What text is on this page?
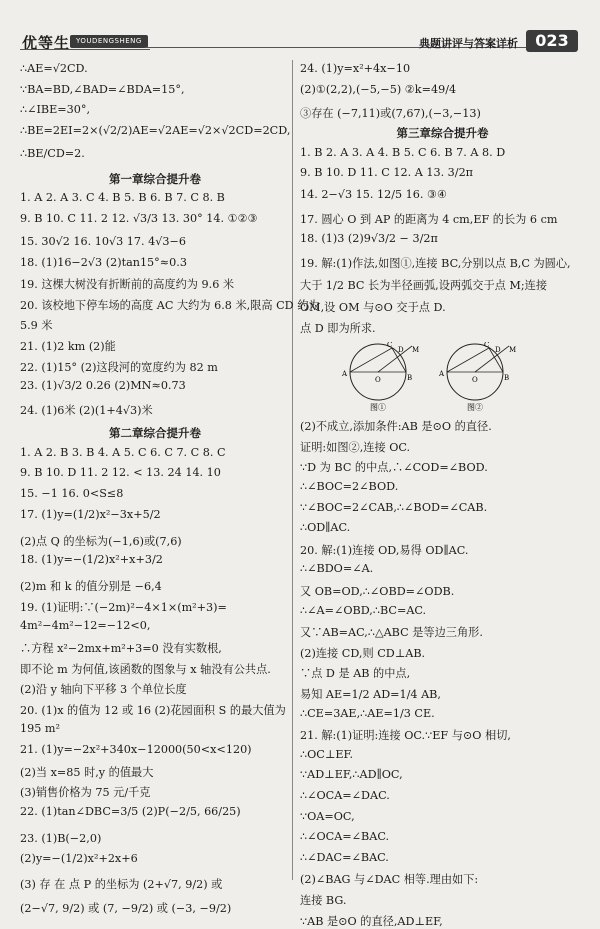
优等生 YOUDENGSHENG	典题讲评与答案详析	023
∴AE=√2CD.
∵BA=BD,∠BAD=∠BDA=15°,
∴∠IBE=30°,
∴BE=2EI=2×(√2/2)AE=√2AE=√2×√2CD=2CD,
∴BE/CD=2.
第一章综合提升卷
1. A 2. A 3. C 4. B 5. B 6. B 7. C 8. B
9. B 10. C 11. 2 12. √3/3 13. 30° 14. ①②③
15. 30√2 16. 10√3 17. 4√3−6
18. (1)16−2√3 (2)tan15°≈0.3
19. 这棵大树没有折断前的高度约为 9.6 米
20. 该校地下停车场的高度 AC 大约为 6.8 米,限高 CD 约为
5.9 米
21. (1)2 km (2)能
22. (1)15° (2)这段河的宽度约为 82 m
23. (1)√3/2 0.26 (2)MN≈0.73
24. (1)6米 (2)(1+4√3)米
第二章综合提升卷
1. A 2. B 3. B 4. A 5. C 6. C 7. C 8. C
9. B 10. D 11. 2 12. < 13. 24 14. 10
15. −1 16. 0<S≤8
17. (1)y=(1/2)x²−3x+5/2
(2)点 Q 的坐标为(−1,6)或(7,6)
18. (1)y=−(1/2)x²+x+3/2
(2)m 和 k 的值分别是 −6,4
19. (1)证明:∵(−2m)²−4×1×(m²+3)=
4m²−4m²−12=−12<0,
∴方程 x²−2mx+m²+3=0 没有实数根,
即不论 m 为何值,该函数的图象与 x 轴没有公共点.
(2)沿 y 轴向下平移 3 个单位长度
20. (1)x 的值为 12 或 16 (2)花园面积 S 的最大值为
195 m²
21. (1)y=−2x²+340x−12000(50<x<120)
(2)当 x=85 时,y 的值最大
(3)销售价格为 75 元/千克
22. (1)tan∠DBC=3/5 (2)P(−2/5, 66/25)
23. (1)B(−2,0)
(2)y=−(1/2)x²+2x+6
(3) 存 在 点 P 的坐标为 (2+√7, 9/2) 或
(2−√7, 9/2) 或 (7, −9/2) 或 (−3, −9/2)
A
O	B
C
D M
图①
A
O	B
C
D M
图②
24. (1)y=x²+4x−10
(2)①(2,2),(−5,−5) ②k=49/4
③存在 (−7,11)或(7,67),(−3,−13)
第三章综合提升卷
1. B 2. A 3. A 4. B 5. C 6. B 7. A 8. D
9. B 10. D 11. C 12. A 13. 3/2π
14. 2−√3 15. 12/5 16. ③④
17. 圆心 O 到 AP 的距离为 4 cm,EF 的长为 6 cm
18. (1)3 (2)9√3/2 − 3/2π
19. 解:(1)作法,如图①,连接 BC,分别以点 B,C 为圆心,
大于 1/2 BC 长为半径画弧,设两弧交于点 M;连接
OM,设 OM 与⊙O 交于点 D.
点 D 即为所求.
(2)不成立,添加条件:AB 是⊙O 的直径.
证明:如图②,连接 OC.
∵D 为 BC 的中点,∴∠COD=∠BOD.
∴∠BOC=2∠BOD.
∵∠BOC=2∠CAB,∴∠BOD=∠CAB.
∴OD∥AC.
20. 解:(1)连接 OD,易得 OD∥AC.
∴∠BDO=∠A.
又 OB=OD,∴∠OBD=∠ODB.
∴∠A=∠OBD,∴BC=AC.
又∵AB=AC,∴△ABC 是等边三角形.
(2)连接 CD,则 CD⊥AB.
∵点 D 是 AB 的中点,
易知 AE=1/2 AD=1/4 AB,
∴CE=3AE,∴AE=1/3 CE.
21. 解:(1)证明:连接 OC.∵EF 与⊙O 相切,
∴OC⊥EF.
∵AD⊥EF,∴AD∥OC,
∴∠OCA=∠DAC.
∵OA=OC,
∴∠OCA=∠BAC.
∴∠DAC=∠BAC.
(2)∠BAG 与∠DAC 相等.理由如下:
连接 BG.
∵AB 是⊙O 的直径,AD⊥EF,
